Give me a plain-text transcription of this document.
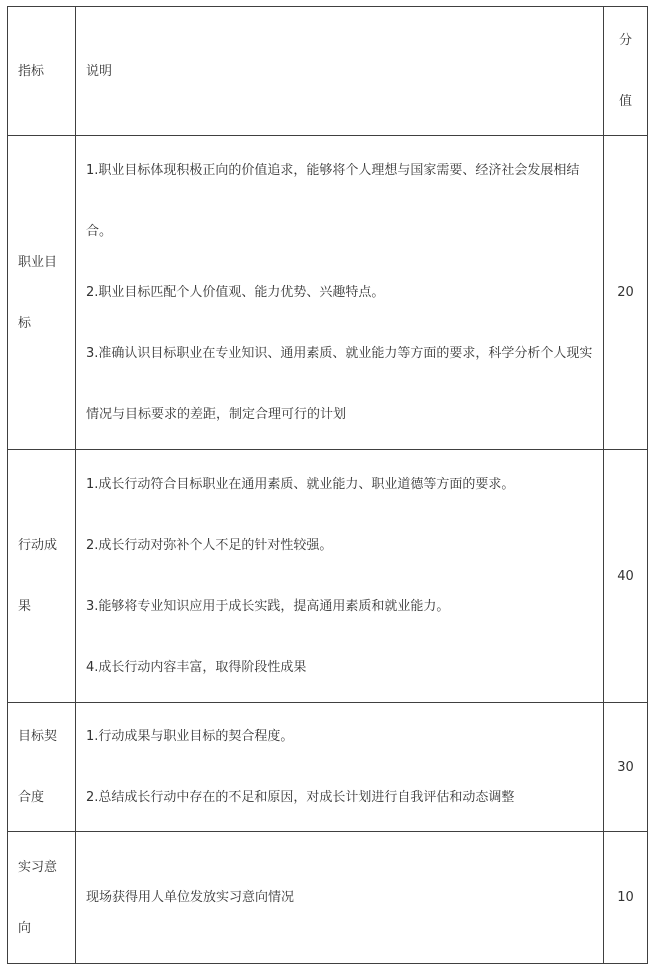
指标	说明	分值
职业目标	1.职业目标体现积极正向的价值追求，能够将个人理想与国家需要、经济社会发展相结合。
2.职业目标匹配个人价值观、能力优势、兴趣特点。
3.准确认识目标职业在专业知识、通用素质、就业能力等方面的要求，科学分析个人现实情况与目标要求的差距，制定合理可行的计划	20
行动成果	1.成长行动符合目标职业在通用素质、就业能力、职业道德等方面的要求。
2.成长行动对弥补个人不足的针对性较强。
3.能够将专业知识应用于成长实践，提高通用素质和就业能力。
4.成长行动内容丰富，取得阶段性成果	40
目标契合度	1.行动成果与职业目标的契合程度。
2.总结成长行动中存在的不足和原因，对成长计划进行自我评估和动态调整	30
实习意向	现场获得用人单位发放实习意向情况	10
